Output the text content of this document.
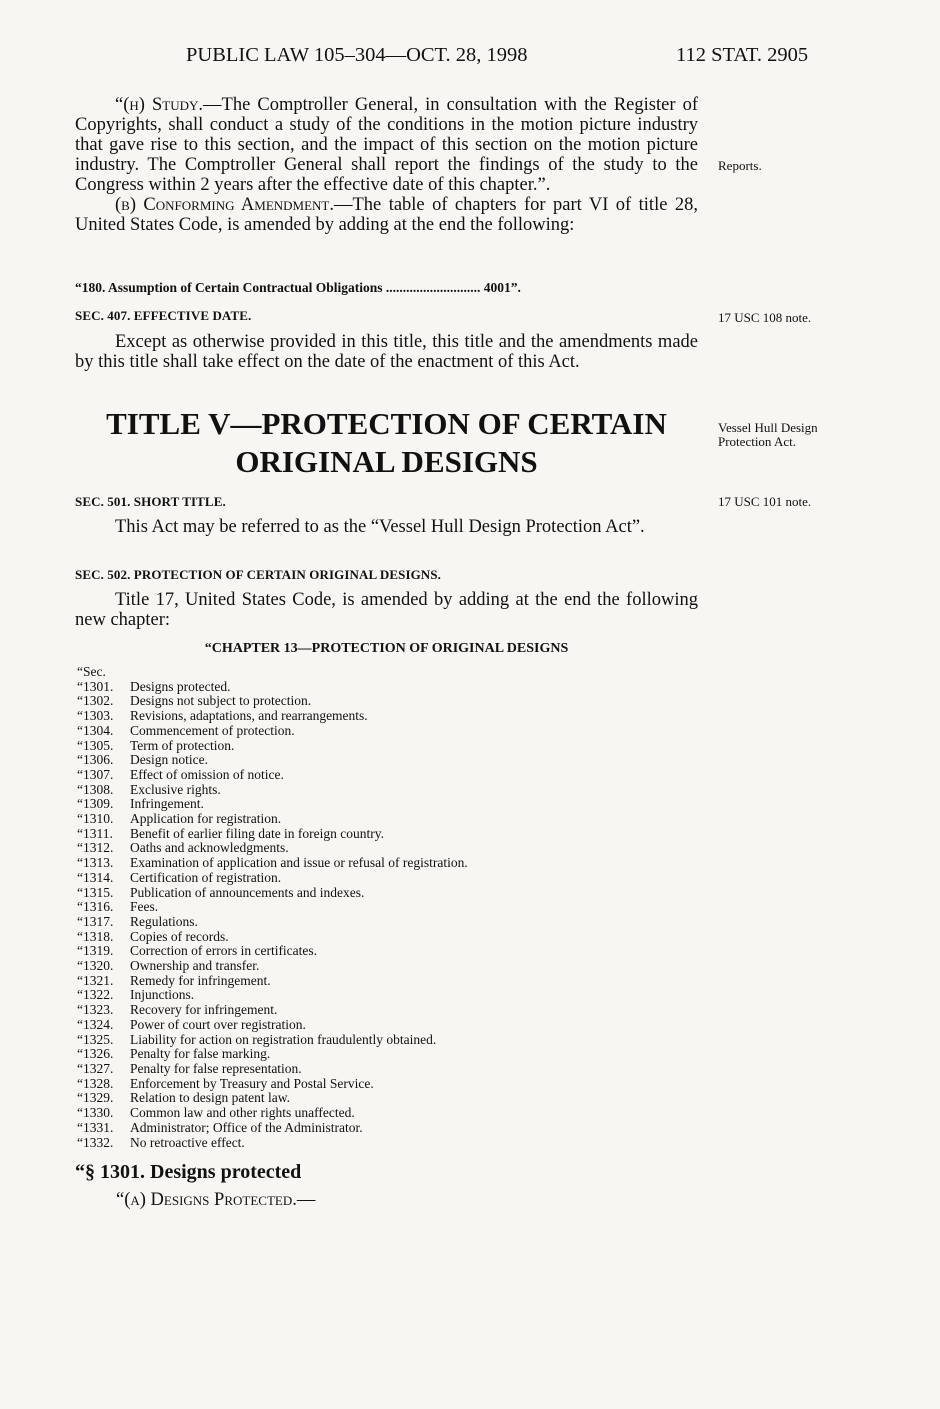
PUBLIC LAW 105–304—OCT. 28, 1998	112 STAT. 2905

“(h) Study.—The Comptroller General, in consultation with the Register of Copyrights, shall conduct a study of the conditions in the motion picture industry that gave rise to this section, and the impact of this section on the motion picture industry. The Comptroller General shall report the findings of the study to the Congress within 2 years after the effective date of this chapter.”.

(b) Conforming Amendment.—The table of chapters for part VI of title 28, United States Code, is amended by adding at the end the following:

“180. Assumption of Certain Contractual Obligations ............................ 4001”.
SEC. 407. EFFECTIVE DATE.

Except as otherwise provided in this title, this title and the amendments made by this title shall take effect on the date of the enactment of this Act.

TITLE V—PROTECTION OF CERTAIN
ORIGINAL DESIGNS
SEC. 501. SHORT TITLE.

This Act may be referred to as the “Vessel Hull Design Protection Act”.

SEC. 502. PROTECTION OF CERTAIN ORIGINAL DESIGNS.

Title 17, United States Code, is amended by adding at the end the following new chapter:

“CHAPTER 13—PROTECTION OF ORIGINAL DESIGNS
“Sec.
“1301. Designs protected.
“1302. Designs not subject to protection.
“1303. Revisions, adaptations, and rearrangements.
“1304. Commencement of protection.
“1305. Term of protection.
“1306. Design notice.
“1307. Effect of omission of notice.
“1308. Exclusive rights.
“1309. Infringement.
“1310. Application for registration.
“1311. Benefit of earlier filing date in foreign country.
“1312. Oaths and acknowledgments.
“1313. Examination of application and issue or refusal of registration.
“1314. Certification of registration.
“1315. Publication of announcements and indexes.
“1316. Fees.
“1317. Regulations.
“1318. Copies of records.
“1319. Correction of errors in certificates.
“1320. Ownership and transfer.
“1321. Remedy for infringement.
“1322. Injunctions.
“1323. Recovery for infringement.
“1324. Power of court over registration.
“1325. Liability for action on registration fraudulently obtained.
“1326. Penalty for false marking.
“1327. Penalty for false representation.
“1328. Enforcement by Treasury and Postal Service.
“1329. Relation to design patent law.
“1330. Common law and other rights unaffected.
“1331. Administrator; Office of the Administrator.
“1332. No retroactive effect.
“§ 1301. Designs protected
“(a) Designs Protected.—
Reports.
17 USC 108 note.
Vessel Hull Design Protection Act.
17 USC 101 note.
